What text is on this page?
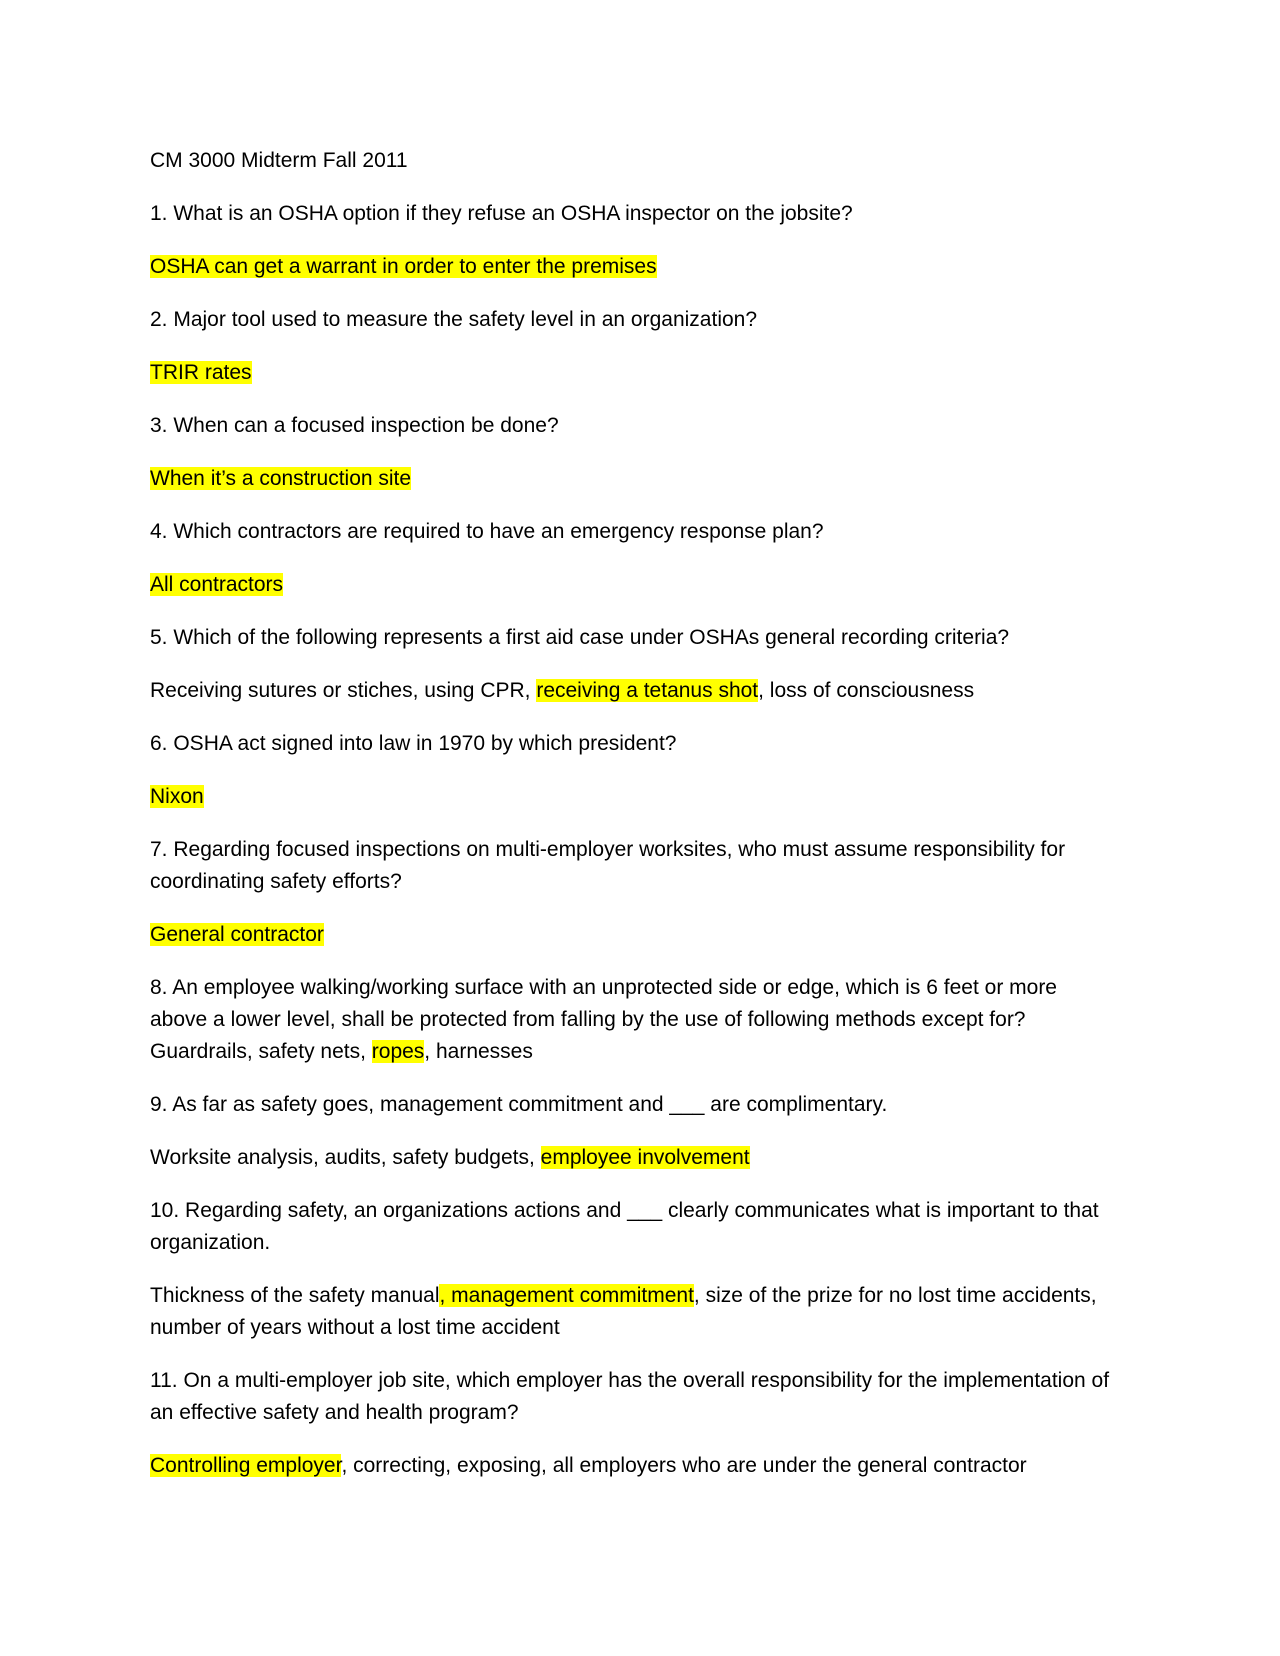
CM 3000 Midterm Fall 2011

1. What is an OSHA option if they refuse an OSHA inspector on the jobsite?

OSHA can get a warrant in order to enter the premises

2. Major tool used to measure the safety level in an organization?

TRIR rates

3. When can a focused inspection be done?

When it’s a construction site

4. Which contractors are required to have an emergency response plan?

All contractors

5. Which of the following represents a first aid case under OSHAs general recording criteria?

Receiving sutures or stiches, using CPR, receiving a tetanus shot, loss of consciousness

6. OSHA act signed into law in 1970 by which president?

Nixon

7. Regarding focused inspections on multi-employer worksites, who must assume responsibility for coordinating safety efforts?

General contractor

8. An employee walking/working surface with an unprotected side or edge, which is 6 feet or more above a lower level, shall be protected from falling by the use of following methods except for?
Guardrails, safety nets, ropes, harnesses

9. As far as safety goes, management commitment and ___ are complimentary.

Worksite analysis, audits, safety budgets, employee involvement

10. Regarding safety, an organizations actions and ___ clearly communicates what is important to that organization.

Thickness of the safety manual, management commitment, size of the prize for no lost time accidents, number of years without a lost time accident

11. On a multi-employer job site, which employer has the overall responsibility for the implementation of an effective safety and health program?

Controlling employer, correcting, exposing, all employers who are under the general contractor
